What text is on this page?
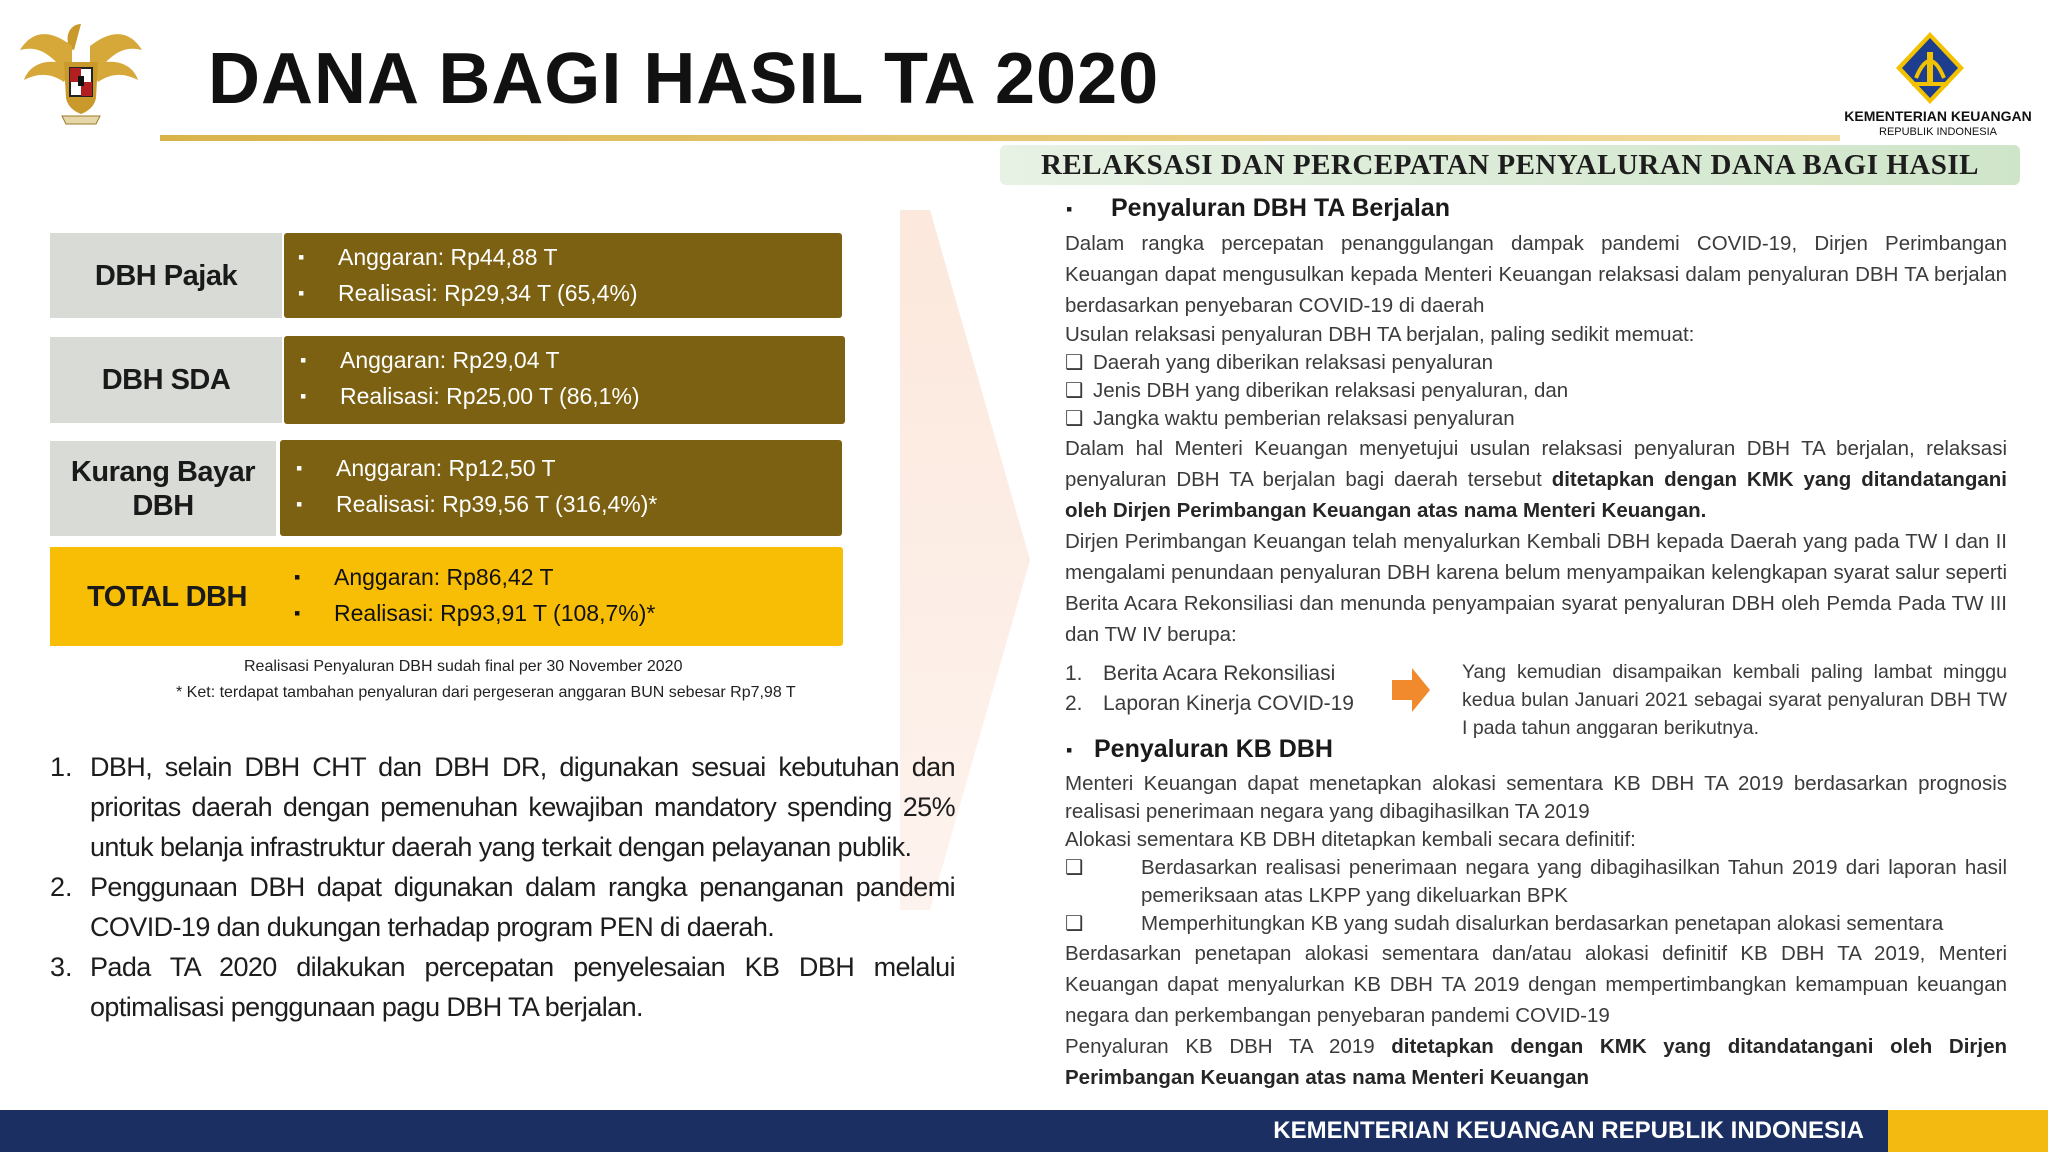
DANA BAGI HASIL TA 2020	KEMENTERIAN KEUANGAN
REPUBLIK INDONESIA
RELAKSASI DAN PERCEPATAN PENYALURAN DANA BAGI HASIL
DBH Pajak
▪	Anggaran: Rp44,88 T
▪	Realisasi: Rp29,34 T (65,4%)
DBH SDA
▪	Anggaran: Rp29,04 T
▪	Realisasi: Rp25,00 T (86,1%)
Kurang Bayar DBH
▪	Anggaran: Rp12,50 T
▪	Realisasi: Rp39,56 T (316,4%)*
TOTAL DBH
▪	Anggaran: Rp86,42 T
▪	Realisasi: Rp93,91 T (108,7%)*
Realisasi Penyaluran DBH sudah final per 30 November 2020
* Ket: terdapat tambahan penyaluran dari pergeseran anggaran BUN sebesar Rp7,98 T
1. DBH, selain DBH CHT dan DBH DR, digunakan sesuai kebutuhan dan prioritas daerah dengan pemenuhan kewajiban mandatory spending 25% untuk belanja infrastruktur daerah yang terkait dengan pelayanan publik.
2. Penggunaan DBH dapat digunakan dalam rangka penanganan pandemi COVID-19 dan dukungan terhadap program PEN di daerah.
3. Pada TA 2020 dilakukan percepatan penyelesaian KB DBH melalui optimalisasi penggunaan pagu DBH TA berjalan.
▪ Penyaluran DBH TA Berjalan
Dalam rangka percepatan penanggulangan dampak pandemi COVID-19, Dirjen Perimbangan Keuangan dapat mengusulkan kepada Menteri Keuangan relaksasi dalam penyaluran DBH TA berjalan berdasarkan penyebaran COVID-19 di daerah
Usulan relaksasi penyaluran DBH TA berjalan, paling sedikit memuat:
❑ Daerah yang diberikan relaksasi penyaluran
❑ Jenis DBH yang diberikan relaksasi penyaluran, dan
❑ Jangka waktu pemberian relaksasi penyaluran
Dalam hal Menteri Keuangan menyetujui usulan relaksasi penyaluran DBH TA berjalan, relaksasi penyaluran DBH TA berjalan bagi daerah tersebut ditetapkan dengan KMK yang ditandatangani oleh Dirjen Perimbangan Keuangan atas nama Menteri Keuangan.
Dirjen Perimbangan Keuangan telah menyalurkan Kembali DBH kepada Daerah yang pada TW I dan II mengalami penundaan penyaluran DBH karena belum menyampaikan kelengkapan syarat salur seperti Berita Acara Rekonsiliasi dan menunda penyampaian syarat penyaluran DBH oleh Pemda Pada TW III dan TW IV berupa:
1. Berita Acara Rekonsiliasi
2. Laporan Kinerja COVID-19
Yang kemudian disampaikan kembali paling lambat minggu kedua bulan Januari 2021 sebagai syarat penyaluran DBH TW I pada tahun anggaran berikutnya.
▪ Penyaluran KB DBH
Menteri Keuangan dapat menetapkan alokasi sementara KB DBH TA 2019 berdasarkan prognosis realisasi penerimaan negara yang dibagihasilkan TA 2019
Alokasi sementara KB DBH ditetapkan kembali secara definitif:
❑	Berdasarkan realisasi penerimaan negara yang dibagihasilkan Tahun 2019 dari laporan hasil pemeriksaan atas LKPP yang dikeluarkan BPK
❑	Memperhitungkan KB yang sudah disalurkan berdasarkan penetapan alokasi sementara
Berdasarkan penetapan alokasi sementara dan/atau alokasi definitif KB DBH TA 2019, Menteri Keuangan dapat menyalurkan KB DBH TA 2019 dengan mempertimbangkan kemampuan keuangan negara dan perkembangan penyebaran pandemi COVID-19
Penyaluran KB DBH TA 2019 ditetapkan dengan KMK yang ditandatangani oleh Dirjen Perimbangan Keuangan atas nama Menteri Keuangan
KEMENTERIAN KEUANGAN REPUBLIK INDONESIA
